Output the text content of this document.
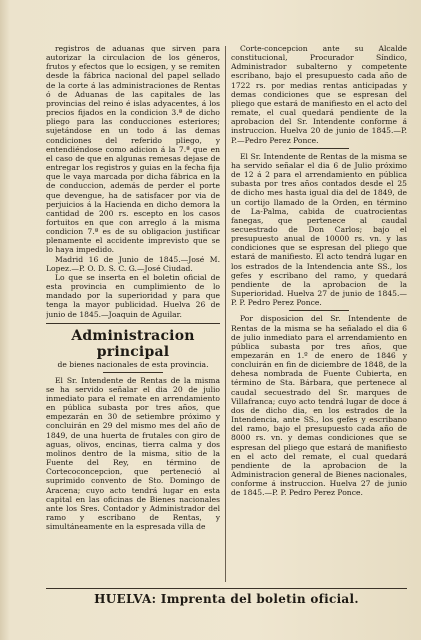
registros de aduanas que sirven para autorizar la circulacion de los géneros, frutos y efectos que lo ecsigen, y se remiten desde la fábrica nacional del papel sellado de la corte á las administraciones de Rentas ó de Aduanas de las capitales de las provincias del reino é islas adyacentes, á los precios fijados en la condicion 3.ª de dicho pliego para las conducciones esteriores; sujetándose en un todo á las demas condiciones del referido pliego, y entendiéndose como adicion á la 7.ª que en el caso de que en algunas remesas dejase de entregar los registros y guias en la fecha fija que le vaya marcada por dicha fábrica en la de conduccion, además de perder el porte que devengue, ha de satisfacer por via de perjuicios á la Hacienda en dicho demora la cantidad de 200 rs. escepto en los casos fortuitos en que con arreglo á la misma condicion 7.ª es de su obligacion justificar plenamente el accidente imprevisto que se lo haya impedido.

Madrid 16 de Junio de 1845.—José M. Lopez.—P. O. D. S. C. G.—José Ciudad.

Lo que se inserta en el boletin oficial de esta provincia en cumplimiento de lo mandado por la superioridad y para que tenga la mayor publicidad. Huelva 26 de junio de 1845.—Joaquin de Aguilar.

Administracion principal
de bienes nacionales de esta provincia.

El Sr. Intendente de Rentas de la misma se ha servido señalar el dia 20 de julio inmediato para el remate en arrendamiento en pública subasta por tres años, que empezarán en 30 de setiembre próximo y concluirán en 29 del mismo mes del año de 1849, de una huerta de frutales con giro de aguas, olivos, encinas, tierra calma y dos molinos dentro de la misma, sitio de la Fuente del Rey, en término de Cortecoconcepcion, que perteneció al suprimido convento de Sto. Domingo de Aracena; cuyo acto tendrá lugar en esta capital en las oficinas de Bienes nacionales ante los Sres. Contador y Administrador del ramo y escribano de Rentas, y simultáneamente en la espresada villa de

Corte-concepcion ante su Alcalde constitucional, Procurador Síndico, Administrador subalterno y competente escribano, bajo el presupuesto cada año de 1722 rs. por medias rentas anticipadas y demas condiciones que se espresan del pliego que estará de manifiesto en el acto del remate, el cual quedará pendiente de la aprobacion del Sr. Intendente conforme á instruccion. Huelva 20 de junio de 1845.—P. P.—Pedro Perez Ponce.

El Sr. Intendente de Rentas de la misma se ha servido señalar el dia 6 de Julio próximo de 12 á 2 para el arrendamiento en pública subasta por tres años contados desde el 25 de dicho mes hasta igual dia del de 1849, de un cortijo llamado de la Orden, en término de La-Palma, cabida de cuatrocientas fanegas, que pertenece al caudal secuestrado de Don Carlos; bajo el presupuesto anual de 10000 rs. vn. y las condiciones que se espresan del pliego que estará de manifiesto. El acto tendrá lugar en los estrados de la Intendencia ante SS., los gefes y escribano del ramo, y quedará pendiente de la aprobacion de la Superioridad. Huelva 27 de junio de 1845.—P. P. Pedro Perez Ponce.

Por disposicion del Sr. Intendente de Rentas de la misma se ha señalado el dia 6 de julio inmediato para el arrendamiento en pública subasta por tres años, que empezarán en 1.º de enero de 1846 y concluirán en fin de diciembre de 1848, de la dehesa nombrada de Fuente Cubierta, en término de Sta. Bárbara, que pertenece al caudal secuestrado del Sr. marques de Villafranca; cuyo acto tendrá lugar de doce á dos de dicho dia, en los estrados de la Intendencia, ante SS., los gefes y escribano del ramo, bajo el presupuesto cada año de 8000 rs. vn. y demas condiciones que se espresan del pliego que estará de manifiesto en el acto del remate, el cual quedará pendiente de la aprobacion de la Administracion general de Bienes nacionales, conforme á instruccion. Huelva 27 de junio de 1845.—P. P. Pedro Perez Ponce.

HUELVA: Imprenta del boletin oficial.
